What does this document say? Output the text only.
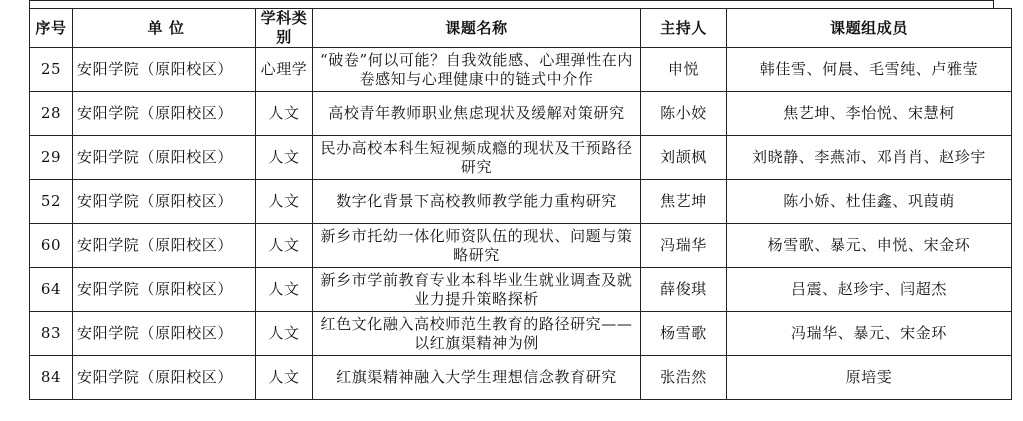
序号	单 位	学科类别	课题名称	主持人	课题组成员
25	安阳学院（原阳校区）	心理学	“破卷”何以可能？自我效能感、心理弹性在内卷感知与心理健康中的链式中介作	申悦	韩佳雪、何晨、毛雪纯、卢雅莹
28	安阳学院（原阳校区）	人文	高校青年教师职业焦虑现状及缓解对策研究	陈小姣	焦艺坤、李怡悦、宋慧柯
29	安阳学院（原阳校区）	人文	民办高校本科生短视频成瘾的现状及干预路径研究	刘颉枫	刘晓静、李燕沛、邓肖肖、赵珍宇
52	安阳学院（原阳校区）	人文	数字化背景下高校教师教学能力重构研究	焦艺坤	陈小娇、杜佳鑫、巩葭萌
60	安阳学院（原阳校区）	人文	新乡市托幼一体化师资队伍的现状、问题与策略研究	冯瑞华	杨雪歌、暴元、申悦、宋金环
64	安阳学院（原阳校区）	人文	新乡市学前教育专业本科毕业生就业调查及就业力提升策略探析	薛俊琪	吕震、赵珍宇、闫超杰
83	安阳学院（原阳校区）	人文	红色文化融入高校师范生教育的路径研究——以红旗渠精神为例	杨雪歌	冯瑞华、暴元、宋金环
84	安阳学院（原阳校区）	人文	红旗渠精神融入大学生理想信念教育研究	张浩然	原培雯
